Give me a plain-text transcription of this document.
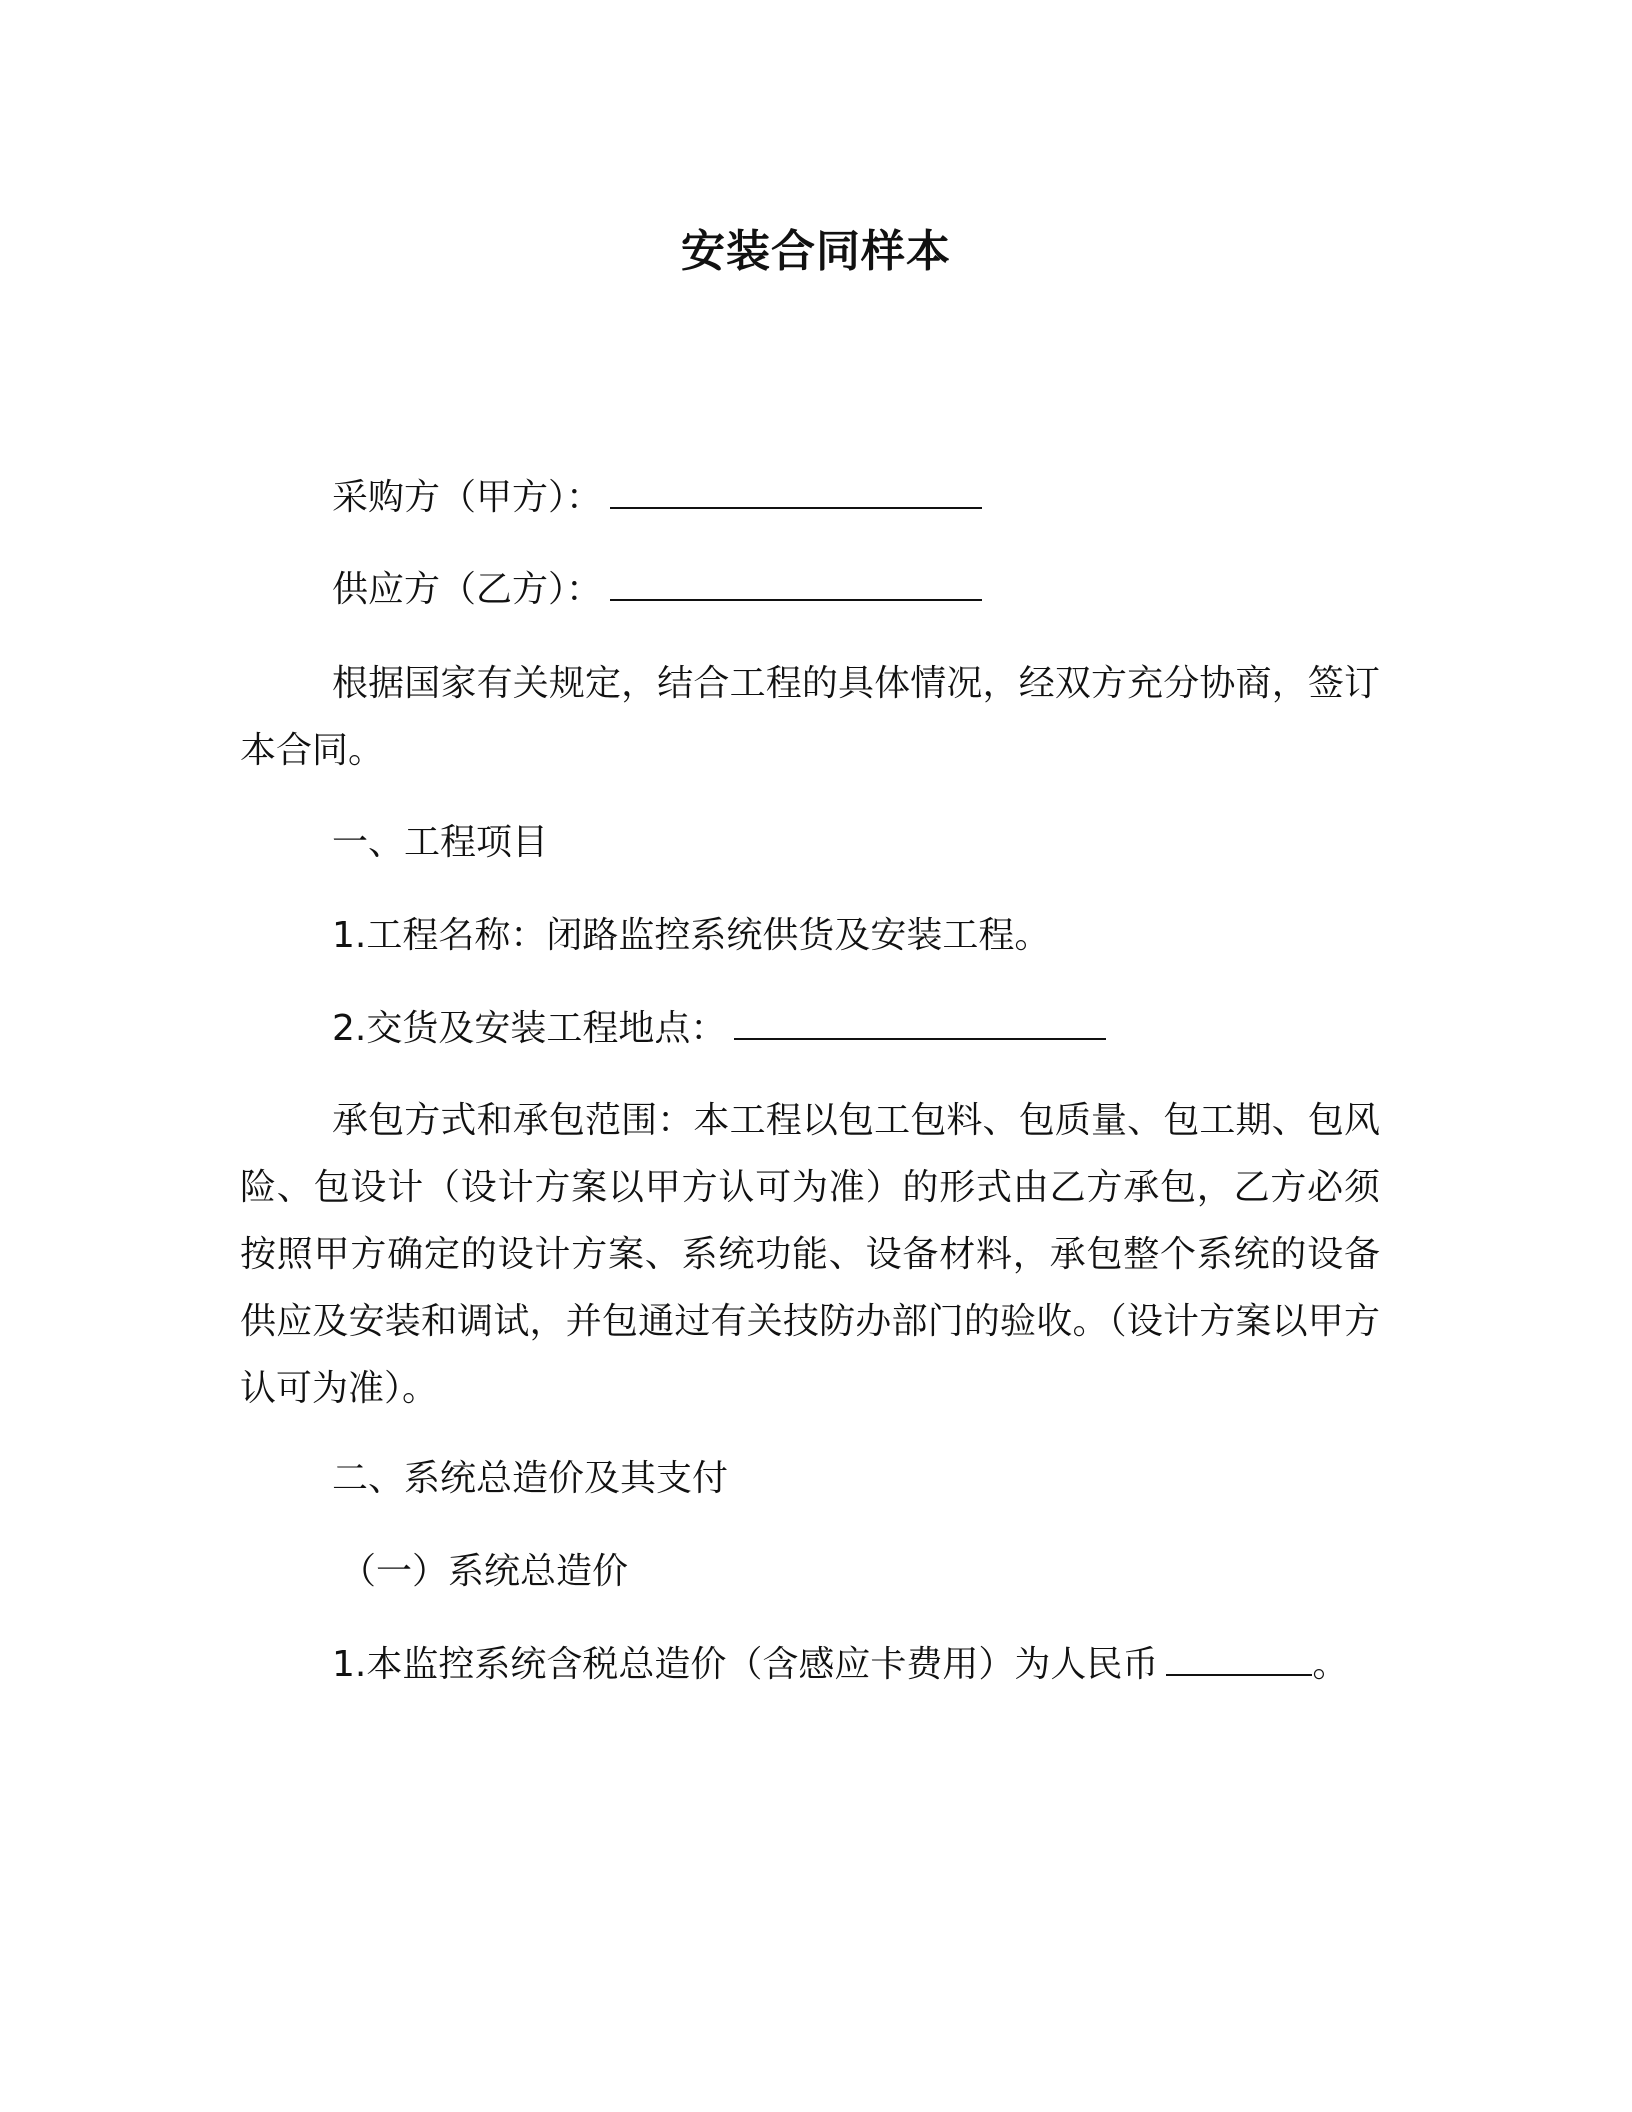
安装合同样本
采购方（甲方）：
供应方（乙方）：
根据国家有关规定，结合工程的具体情况，经双方充分协商，签订本合同。
一、工程项目
1.工程名称：闭路监控系统供货及安装工程。
2.交货及安装工程地点：
承包方式和承包范围：本工程以包工包料、包质量、包工期、包风险、包设计（设计方案以甲方认可为准）的形式由乙方承包，乙方必须按照甲方确定的设计方案、系统功能、设备材料，承包整个系统的设备供应及安装和调试，并包通过有关技防办部门的验收。（设计方案以甲方认可为准）。
二、系统总造价及其支付
（一）系统总造价
1.本监控系统含税总造价（含感应卡费用）为人民币	。
